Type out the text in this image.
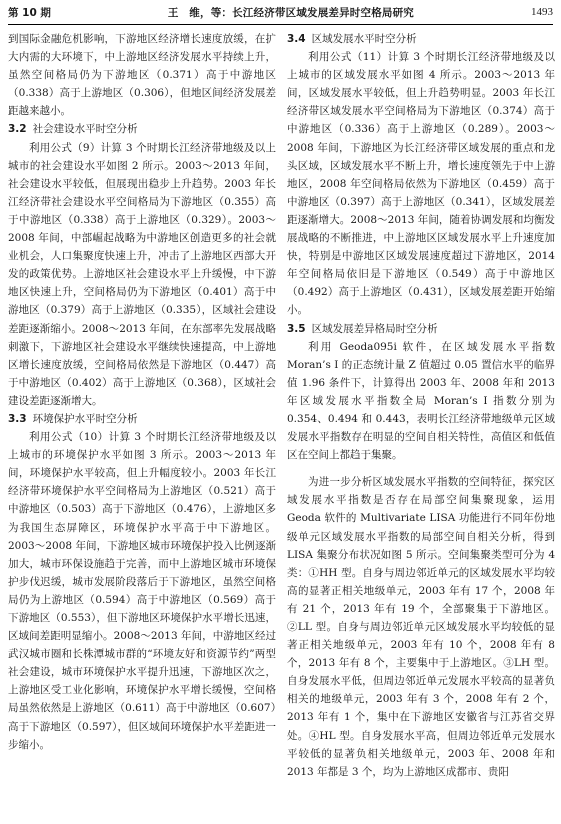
第 10 期	王　维，等：长江经济带区域发展差异时空格局研究	1493

到国际金融危机影响，下游地区经济增长速度放缓，在扩大内需的大环境下，中上游地区经济发展水平持续上升，虽然空间格局仍为下游地区（0.371）高于中游地区（0.338）高于上游地区（0.306），但地区间经济发展差距越来越小。

3.2 社会建设水平时空分析

利用公式（9）计算 3 个时期长江经济带地级及以上城市的社会建设水平如图 2 所示。2003～2013 年间，社会建设水平较低，但展现出稳步上升趋势。2003 年长江经济带社会建设水平空间格局为下游地区（0.355）高于中游地区（0.338）高于上游地区（0.329）。2003～2008 年间，中部崛起战略为中游地区创造更多的社会就业机会，人口集聚度快速上升，冲击了上游地区西部大开发的政策优势。上游地区社会建设水平上升缓慢，中下游地区快速上升，空间格局仍为下游地区（0.401）高于中游地区（0.379）高于上游地区（0.335），区域社会建设差距逐渐缩小。2008～2013 年间，在东部率先发展战略刺激下，下游地区社会建设水平继续快速提高，中上游地区增长速度放缓，空间格局依然是下游地区（0.447）高于中游地区（0.402）高于上游地区（0.368），区域社会建设差距逐渐增大。

3.3 环境保护水平时空分析

利用公式（10）计算 3 个时期长江经济带地级及以上城市的环境保护水平如图 3 所示。2003～2013 年间，环境保护水平较高，但上升幅度较小。2003 年长江经济带环境保护水平空间格局为上游地区（0.521）高于中游地区（0.503）高于下游地区（0.476），上游地区多为我国生态屏障区，环境保护水平高于中下游地区。2003～2008 年间，下游地区城市环境保护投入比例逐渐加大，城市环保设施趋于完善，而中上游地区城市环境保护步伐迟缓，城市发展阶段落后于下游地区，虽然空间格局仍为上游地区（0.594）高于中游地区（0.569）高于下游地区（0.553），但下游地区环境保护水平增长迅速，区域间差距明显缩小。2008～2013 年间，中游地区经过武汉城市圈和长株潭城市群的“环境友好和资源节约”两型社会建设，城市环境保护水平提升迅速，下游地区次之，上游地区受工业化影响，环境保护水平增长缓慢，空间格局虽然依然是上游地区（0.611）高于中游地区（0.607）高于下游地区（0.597），但区域间环境保护水平差距进一步缩小。

3.4 区域发展水平时空分析

利用公式（11）计算 3 个时期长江经济带地级及以上城市的区域发展水平如图 4 所示。2003～2013 年间，区域发展水平较低，但上升趋势明显。2003 年长江经济带区域发展水平空间格局为下游地区（0.374）高于中游地区（0.336）高于上游地区（0.289）。2003～2008 年间，下游地区为长江经济带区域发展的重点和龙头区域，区域发展水平不断上升，增长速度领先于中上游地区，2008 年空间格局依然为下游地区（0.459）高于中游地区（0.397）高于上游地区（0.341），区域发展差距逐渐增大。2008～2013 年间，随着协调发展和均衡发展战略的不断推进，中上游地区区域发展水平上升速度加快，特别是中游地区区域发展速度超过下游地区，2014 年空间格局依旧是下游地区（0.549）高于中游地区（0.492）高于上游地区（0.431），区域发展差距开始缩小。

3.5 区域发展差异格局时空分析

利用 Geoda095i 软件，在区域发展水平指数 Moran’s I 的正态统计量 Z 值超过 0.05 置信水平的临界值 1.96 条件下，计算得出 2003 年、2008 年和 2013 年区域发展水平指数全局 Moran’s I 指数分别为 0.354、0.494 和 0.443，表明长江经济带地级单元区域发展水平指数存在明显的空间自相关特性，高值区和低值区在空间上都趋于集聚。

为进一步分析区域发展水平指数的空间特征，探究区域发展水平指数是否存在局部空间集聚现象，运用 Geoda 软件的 Multivariate LISA 功能进行不同年份地级单元区域发展水平指数的局部空间自相关分析，得到 LISA 集聚分布状况如图 5 所示。空间集聚类型可分为 4 类：①HH 型。自身与周边邻近单元的区域发展水平均较高的显著正相关地级单元，2003 年有 17 个，2008 年有 21 个，2013 年有 19 个，全部聚集于下游地区。②LL 型。自身与周边邻近单元区域发展水平均较低的显著正相关地级单元，2003 年有 10 个，2008 年有 8 个，2013 年有 8 个，主要集中于上游地区。③LH 型。自身发展水平低，但周边邻近单元发展水平较高的显著负相关的地级单元，2003 年有 3 个，2008 年有 2 个，2013 年有 1 个，集中在下游地区安徽省与江苏省交界处。④HL 型。自身发展水平高，但周边邻近单元发展水平较低的显著负相关地级单元，2003 年、2008 年和 2013 年都是 3 个，均为上游地区成都市、贵阳
